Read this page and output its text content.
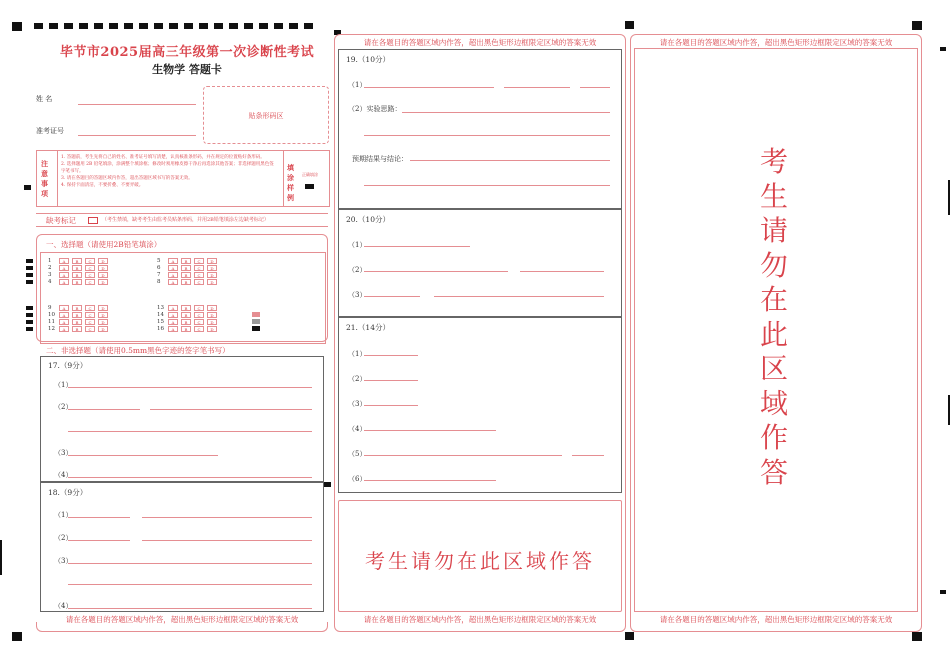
毕节市2025届高三年级第一次诊断性考试
生物学 答题卡
姓 名
准考证号
贴条形码区
注
意
事
项
1. 答题前，考生先将自己的姓名、准考证号填写清楚，认真核准条形码，并在规定的位置贴好条形码。
2. 选择题用 2B 铅笔填涂，涂满整个填涂框；修改时须用橡皮擦干净后再选涂其他答案；非选择题用黑色签字笔书写。
3. 请在各题目的答题区域内作答，超出答题区域书写的答案无效。
4. 保持卡面清洁，不要折叠、不要弄破。
填
涂
样
例
正确填涂
缺考标记	（考生禁填，缺考考生由监考员贴条形码，并用2B铅笔填涂左边缺考标记）
一、选择题（请使用2B铅笔填涂）
1	A	B	C	D
2	A	B	C	D
3	A	B	C	D
4	A	B	C	D
9	A	B	C	D
10	A	B	C	D
11	A	B	C	D
12	A	B	C	D
5	A	B	C	D
6	A	B	C	D
7	A	B	C	D
8	A	B	C	D
13	A	B	C	D
14	A	B	C	D
15	A	B	C	D
16	A	B	C	D
二、非选择题（请使用0.5mm黑色字迹的签字笔书写）
17.（9分）
（1）
（2）
（3）
（4）
18.（9分）
（1）
（2）
（3）
（4）
请在各题目的答题区域内作答，超出黑色矩形边框限定区域的答案无效
请在各题目的答题区域内作答，超出黑色矩形边框限定区域的答案无效
19.（10分）
（1）
（2）实验思路：
预期结果与结论：
20.（10分）
（1）
（2）
（3）
21.（14分）
（1）
（2）
（3）
（4）
（5）
（6）
考生请勿在此区域作答
请在各题目的答题区域内作答，超出黑色矩形边框限定区域的答案无效
请在各题目的答题区域内作答，超出黑色矩形边框限定区域的答案无效
考生请勿在此区域作答
请在各题目的答题区域内作答，超出黑色矩形边框限定区域的答案无效
